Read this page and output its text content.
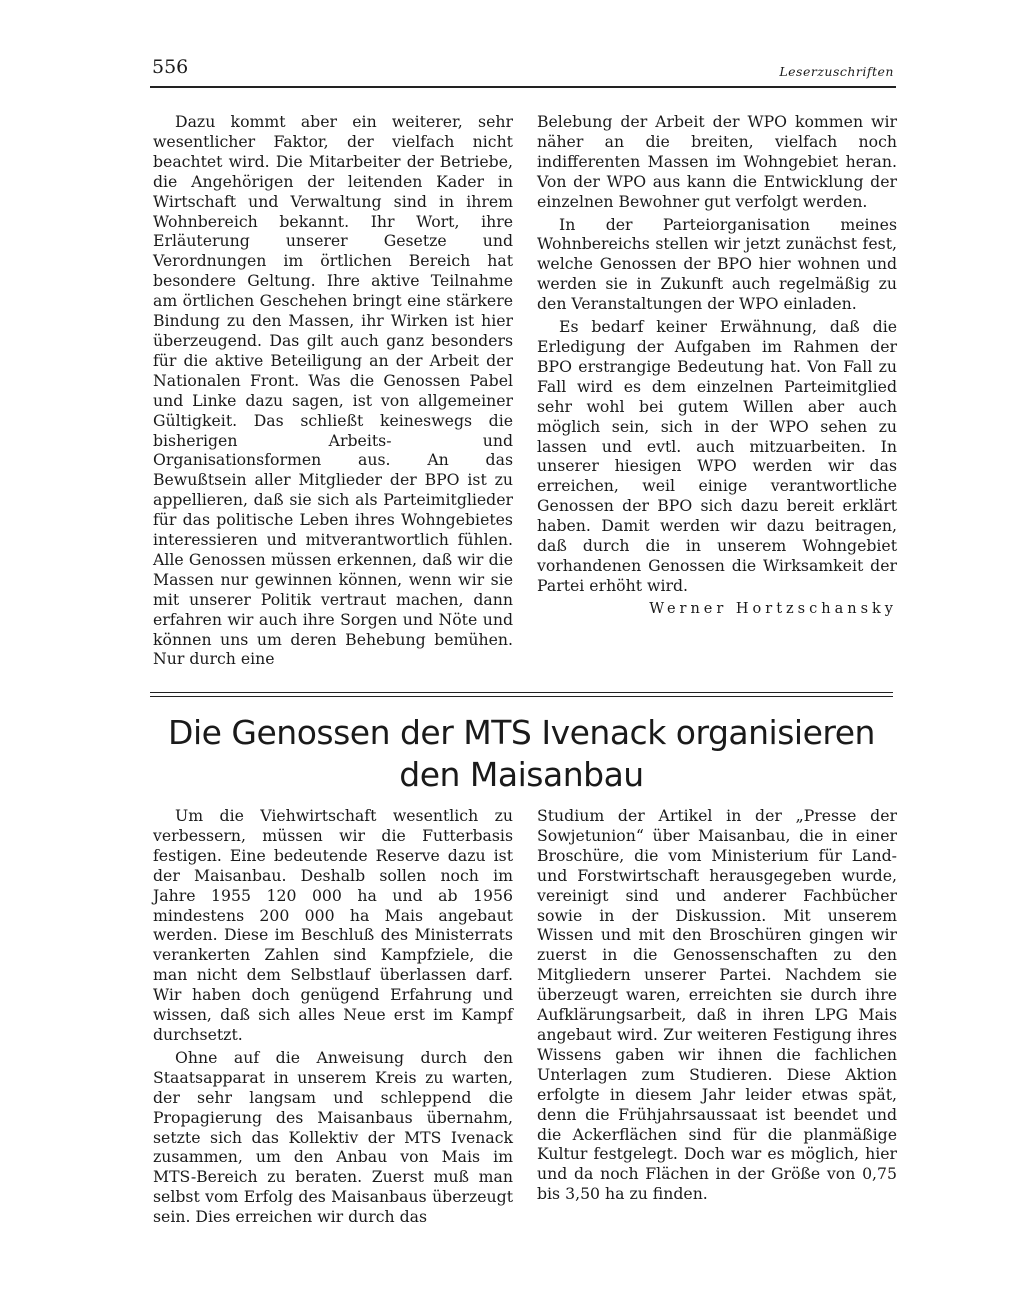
556	Leserzuschriften

Dazu kommt aber ein weiterer, sehr wesentlicher Faktor, der vielfach nicht beachtet wird. Die Mitarbeiter der Betriebe, die Angehörigen der leitenden Kader in Wirtschaft und Verwaltung sind in ihrem Wohnbereich bekannt. Ihr Wort, ihre Erläuterung unserer Gesetze und Verordnungen im örtlichen Bereich hat besondere Geltung. Ihre aktive Teilnahme am örtlichen Geschehen bringt eine stärkere Bindung zu den Massen, ihr Wirken ist hier überzeugend. Das gilt auch ganz besonders für die aktive Beteiligung an der Arbeit der Nationalen Front. Was die Genossen Pabel und Linke dazu sagen, ist von allgemeiner Gültigkeit. Das schließt keineswegs die bisherigen Arbeits- und Organisationsformen aus. An das Bewußtsein aller Mitglieder der BPO ist zu appellieren, daß sie sich als Parteimitglieder für das politische Leben ihres Wohngebietes interessieren und mitverantwortlich fühlen. Alle Genossen müssen erkennen, daß wir die Massen nur gewinnen können, wenn wir sie mit unserer Politik vertraut machen, dann erfahren wir auch ihre Sorgen und Nöte und können uns um deren Behebung bemühen. Nur durch eine

Belebung der Arbeit der WPO kommen wir näher an die breiten, vielfach noch indifferenten Massen im Wohngebiet heran. Von der WPO aus kann die Entwicklung der einzelnen Bewohner gut verfolgt werden.

In der Parteiorganisation meines Wohnbereichs stellen wir jetzt zunächst fest, welche Genossen der BPO hier wohnen und werden sie in Zukunft auch regelmäßig zu den Veranstaltungen der WPO einladen.

Es bedarf keiner Erwähnung, daß die Erledigung der Aufgaben im Rahmen der BPO erstrangige Bedeutung hat. Von Fall zu Fall wird es dem einzelnen Parteimitglied sehr wohl bei gutem Willen aber auch möglich sein, sich in der WPO sehen zu lassen und evtl. auch mitzuarbeiten. In unserer hiesigen WPO werden wir das erreichen, weil einige verantwortliche Genossen der BPO sich dazu bereit erklärt haben. Damit werden wir dazu beitragen, daß durch die in unserem Wohngebiet vorhandenen Genossen die Wirksamkeit der Partei erhöht wird.

Werner Hortzschansky
Die Genossen der MTS Ivenack organisieren
den Maisanbau

Um die Viehwirtschaft wesentlich zu verbessern, müssen wir die Futterbasis festigen. Eine bedeutende Reserve dazu ist der Maisanbau. Deshalb sollen noch im Jahre 1955 120 000 ha und ab 1956 mindestens 200 000 ha Mais angebaut werden. Diese im Beschluß des Ministerrats verankerten Zahlen sind Kampfziele, die man nicht dem Selbstlauf überlassen darf. Wir haben doch genügend Erfahrung und wissen, daß sich alles Neue erst im Kampf durchsetzt.

Ohne auf die Anweisung durch den Staatsapparat in unserem Kreis zu warten, der sehr langsam und schleppend die Propagierung des Maisanbaus übernahm, setzte sich das Kollektiv der MTS Ivenack zusammen, um den Anbau von Mais im MTS-Bereich zu beraten. Zuerst muß man selbst vom Erfolg des Maisanbaus überzeugt sein. Dies erreichen wir durch das

Studium der Artikel in der „Presse der Sowjetunion“ über Maisanbau, die in einer Broschüre, die vom Ministerium für Land- und Forstwirtschaft herausgegeben wurde, vereinigt sind und anderer Fachbücher sowie in der Diskussion. Mit unserem Wissen und mit den Broschüren gingen wir zuerst in die Genossenschaften zu den Mitgliedern unserer Partei. Nachdem sie überzeugt waren, erreichten sie durch ihre Aufklärungsarbeit, daß in ihren LPG Mais angebaut wird. Zur weiteren Festigung ihres Wissens gaben wir ihnen die fachlichen Unterlagen zum Studieren. Diese Aktion erfolgte in diesem Jahr leider etwas spät, denn die Frühjahrsaussaat ist beendet und die Ackerflächen sind für die planmäßige Kultur festgelegt. Doch war es möglich, hier und da noch Flächen in der Größe von 0,75 bis 3,50 ha zu finden.
